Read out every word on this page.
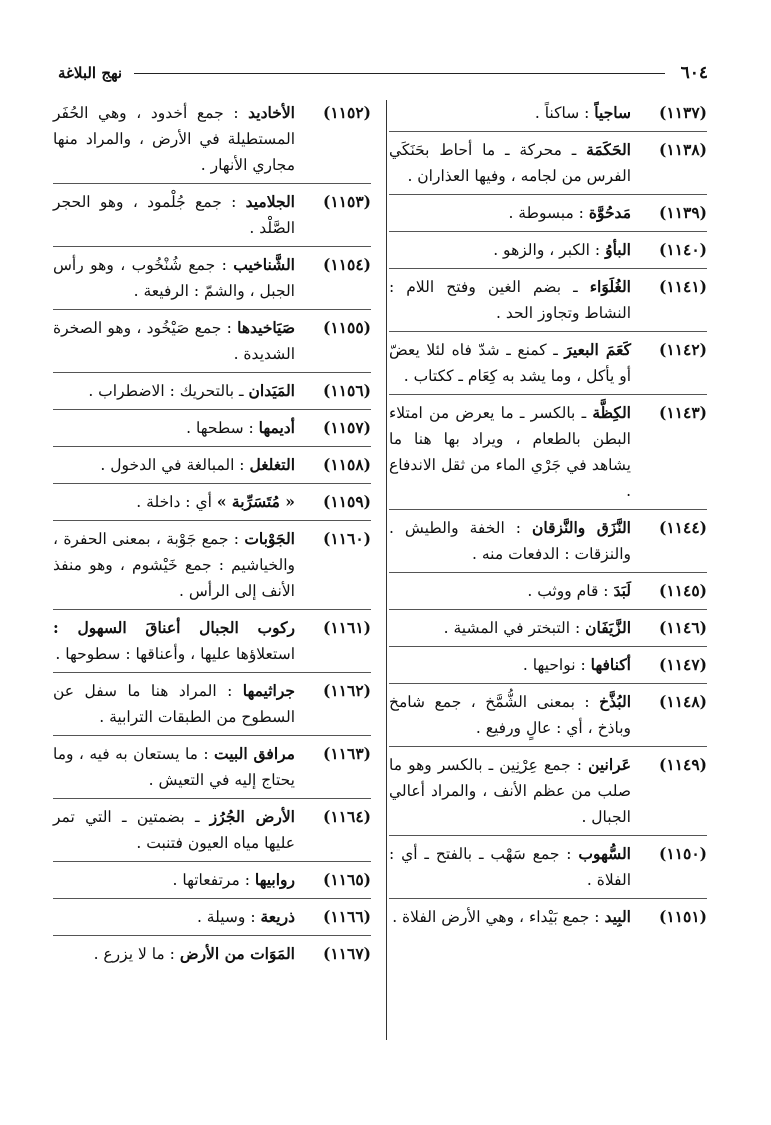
٦٠٤
نهج البلاغة
(١١٣٧)
ساجياً : ساكناً .
(١١٣٨)
الحَكَمَة ـ محركة ـ ما أحاط بحَنَكَي الفرس من لجامه ، وفيها العذاران .
(١١٣٩)
مَدحُوَّة : مبسوطة .
(١١٤٠)
البأوُ : الكبر ، والزهو .
(١١٤١)
الغُلَوَاء ـ بضم الغين وفتح اللام : النشاط وتجاوز الحد .
(١١٤٢)
كَعَمَ البعيرَ ـ كمنع ـ شدّ فاه لئلا يعضّ أو يأكل ، وما يشد به كِعَام ـ ككتاب .
(١١٤٣)
الكِظَّة ـ بالكسر ـ ما يعرض من امتلاء البطن بالطعام ، ويراد بها هنا ما يشاهد في جَرْي الماء من ثقل الاندفاع .
(١١٤٤)
النَّزَق والنَّزقان : الخفة والطيش . والنزقات : الدفعات منه .
(١١٤٥)
لَبَدَ : قام ووثب .
(١١٤٦)
الزَّيَفَان : التبختر في المشية .
(١١٤٧)
أكنافها : نواحيها .
(١١٤٨)
البُذَّخ : بمعنى الشُّمَّخ ، جمع شامخ وباذخ ، أي : عالٍ ورفيع .
(١١٤٩)
عَرانين : جمع عِرْنِين ـ بالكسر وهو ما صلب من عظم الأنف ، والمراد أعالي الجبال .
(١١٥٠)
السُّهوب : جمع سَهْب ـ بالفتح ـ أي : الفلاة .
(١١٥١)
البِيد : جمع بَيْداء ، وهي الأرض الفلاة .
(١١٥٢)
الأخاديد : جمع أخدود ، وهي الحُفَر المستطيلة في الأرض ، والمراد منها مجاري الأنهار .
(١١٥٣)
الجلاميد : جمع جُلْمود ، وهو الحجر الصَّلْد .
(١١٥٤)
الشَّناخيب : جمع شُنْخُوب ، وهو رأس الجبل ، والشمّ : الرفيعة .
(١١٥٥)
صَيَاخيدها : جمع صَيْخُود ، وهو الصخرة الشديدة .
(١١٥٦)
المَيَدان ـ بالتحريك : الاضطراب .
(١١٥٧)
أديمها : سطحها .
(١١٥٨)
التغلغل : المبالغة في الدخول .
(١١٥٩)
« مُتَسَرِّبة » أي : داخلة .
(١١٦٠)
الجَوْبات : جمع جَوْبة ، بمعنى الحفرة ، والخياشيم : جمع خَيْشوم ، وهو منفذ الأنف إلى الرأس .
(١١٦١)
ركوب الجبال أعناقَ السهول : استعلاؤها عليها ، وأعناقها : سطوحها .
(١١٦٢)
جراثيمها : المراد هنا ما سفل عن السطوح من الطبقات الترابية .
(١١٦٣)
مرافق البيت : ما يستعان به فيه ، وما يحتاج إليه في التعيش .
(١١٦٤)
الأرض الجُرُز ـ بضمتين ـ التي تمر عليها مياه العيون فتنبت .
(١١٦٥)
روابيها : مرتفعاتها .
(١١٦٦)
ذريعة : وسيلة .
(١١٦٧)
المَوَات من الأرض : ما لا يزرع .
